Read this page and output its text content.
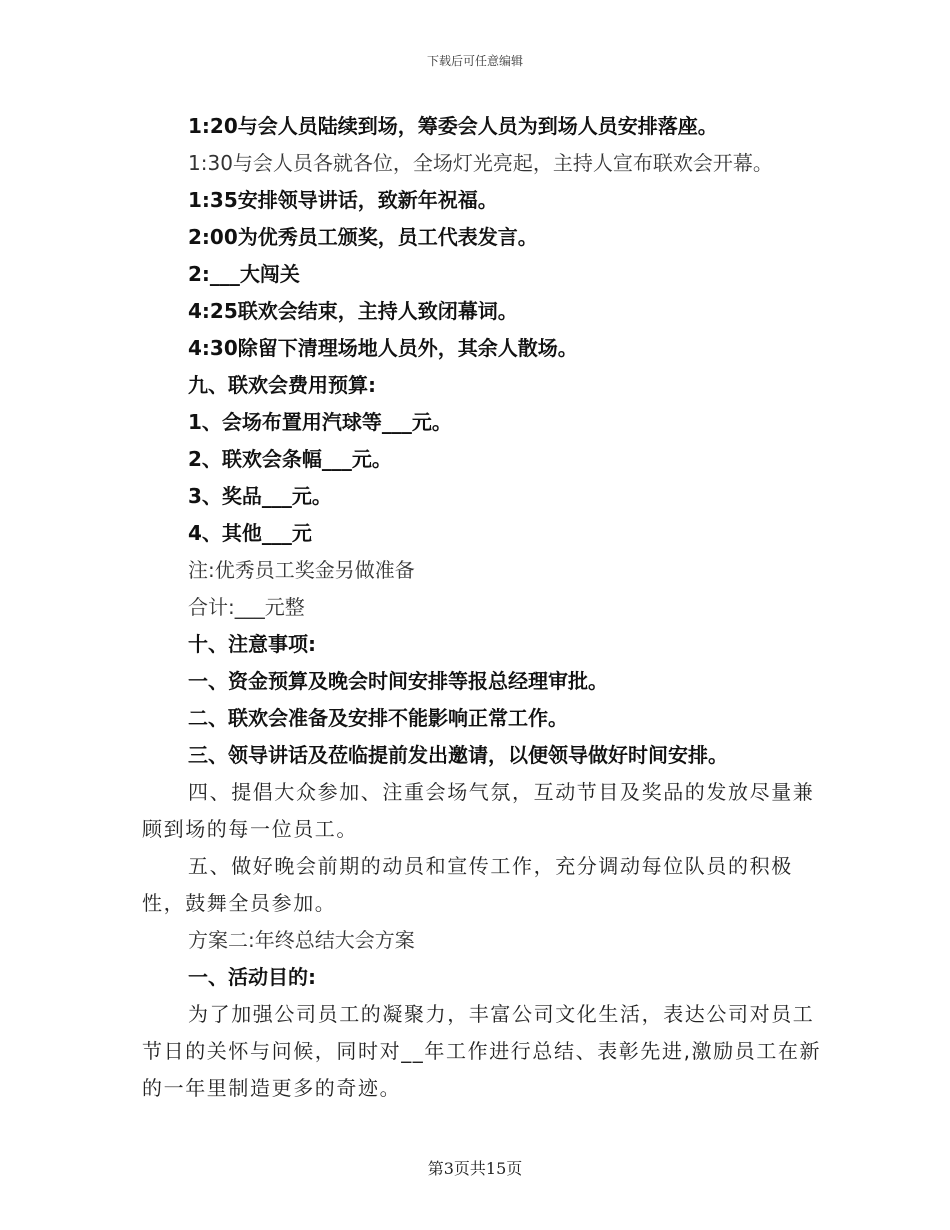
下载后可任意编辑
1:20与会人员陆续到场，筹委会人员为到场人员安排落座。
1:30与会人员各就各位，全场灯光亮起，主持人宣布联欢会开幕。
1:35安排领导讲话，致新年祝福。
2:00为优秀员工颁奖，员工代表发言。
2:___大闯关
4:25联欢会结束，主持人致闭幕词。
4:30除留下清理场地人员外，其余人散场。
九、联欢会费用预算:
1、会场布置用汽球等___元。
2、联欢会条幅___元。
3、奖品___元。
4、其他___元
注:优秀员工奖金另做准备
合计:___元整
十、注意事项:
一、资金预算及晚会时间安排等报总经理审批。
二、联欢会准备及安排不能影响正常工作。
三、领导讲话及莅临提前发出邀请，以便领导做好时间安排。
四、提倡大众参加、注重会场气氛，互动节目及奖品的发放尽量兼顾到场的每一位员工。
五、做好晚会前期的动员和宣传工作，充分调动每位队员的积极性，鼓舞全员参加。
方案二:年终总结大会方案
一、活动目的:
为了加强公司员工的凝聚力，丰富公司文化生活，表达公司对员工节日的关怀与问候，同时对__年工作进行总结、表彰先进,激励员工在新的一年里制造更多的奇迹。
第3页共15页
